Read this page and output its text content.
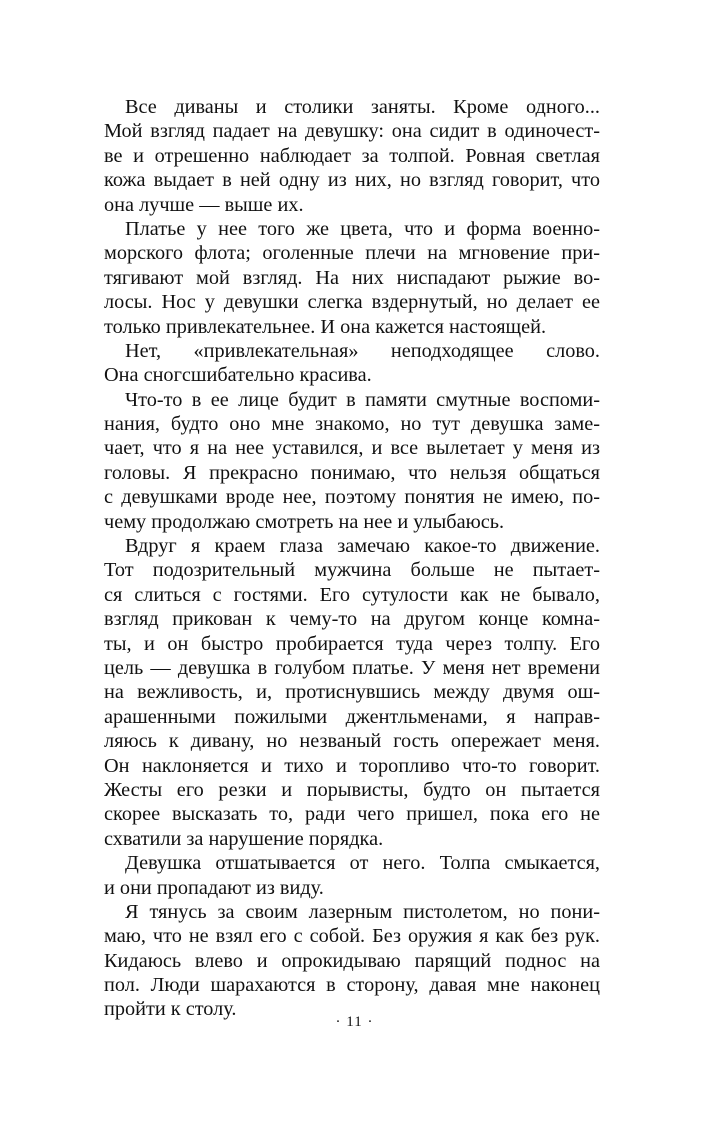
Все диваны и столики заняты. Кроме одного...
Мой взгляд падает на девушку: она сидит в одиночест-
ве и отрешенно наблюдает за толпой. Ровная светлая
кожа выдает в ней одну из них, но взгляд говорит, что
она лучше — выше их.
Платье у нее того же цвета, что и форма военно-
морского флота; оголенные плечи на мгновение при-
тягивают мой взгляд. На них ниспадают рыжие во-
лосы. Нос у девушки слегка вздернутый, но делает ее
только привлекательнее. И она кажется настоящей.
Нет, «привлекательная» неподходящее слово.
Она сногсшибательно красива.
Что-то в ее лице будит в памяти смутные воспоми-
нания, будто оно мне знакомо, но тут девушка заме-
чает, что я на нее уставился, и все вылетает у меня из
головы. Я прекрасно понимаю, что нельзя общаться
с девушками вроде нее, поэтому понятия не имею, по-
чему продолжаю смотреть на нее и улыбаюсь.
Вдруг я краем глаза замечаю какое-то движение.
Тот подозрительный мужчина больше не пытает-
ся слиться с гостями. Его сутулости как не бывало,
взгляд прикован к чему-то на другом конце комна-
ты, и он быстро пробирается туда через толпу. Его
цель — девушка в голубом платье. У меня нет времени
на вежливость, и, протиснувшись между двумя ош-
арашенными пожилыми джентльменами, я направ-
ляюсь к дивану, но незваный гость опережает меня.
Он наклоняется и тихо и торопливо что-то говорит.
Жесты его резки и порывисты, будто он пытается
скорее высказать то, ради чего пришел, пока его не
схватили за нарушение порядка.
Девушка отшатывается от него. Толпа смыкается,
и они пропадают из виду.
Я тянусь за своим лазерным пистолетом, но пони-
маю, что не взял его с собой. Без оружия я как без рук.
Кидаюсь влево и опрокидываю парящий поднос на
пол. Люди шарахаются в сторону, давая мне наконец
пройти к столу.
· 11 ·
